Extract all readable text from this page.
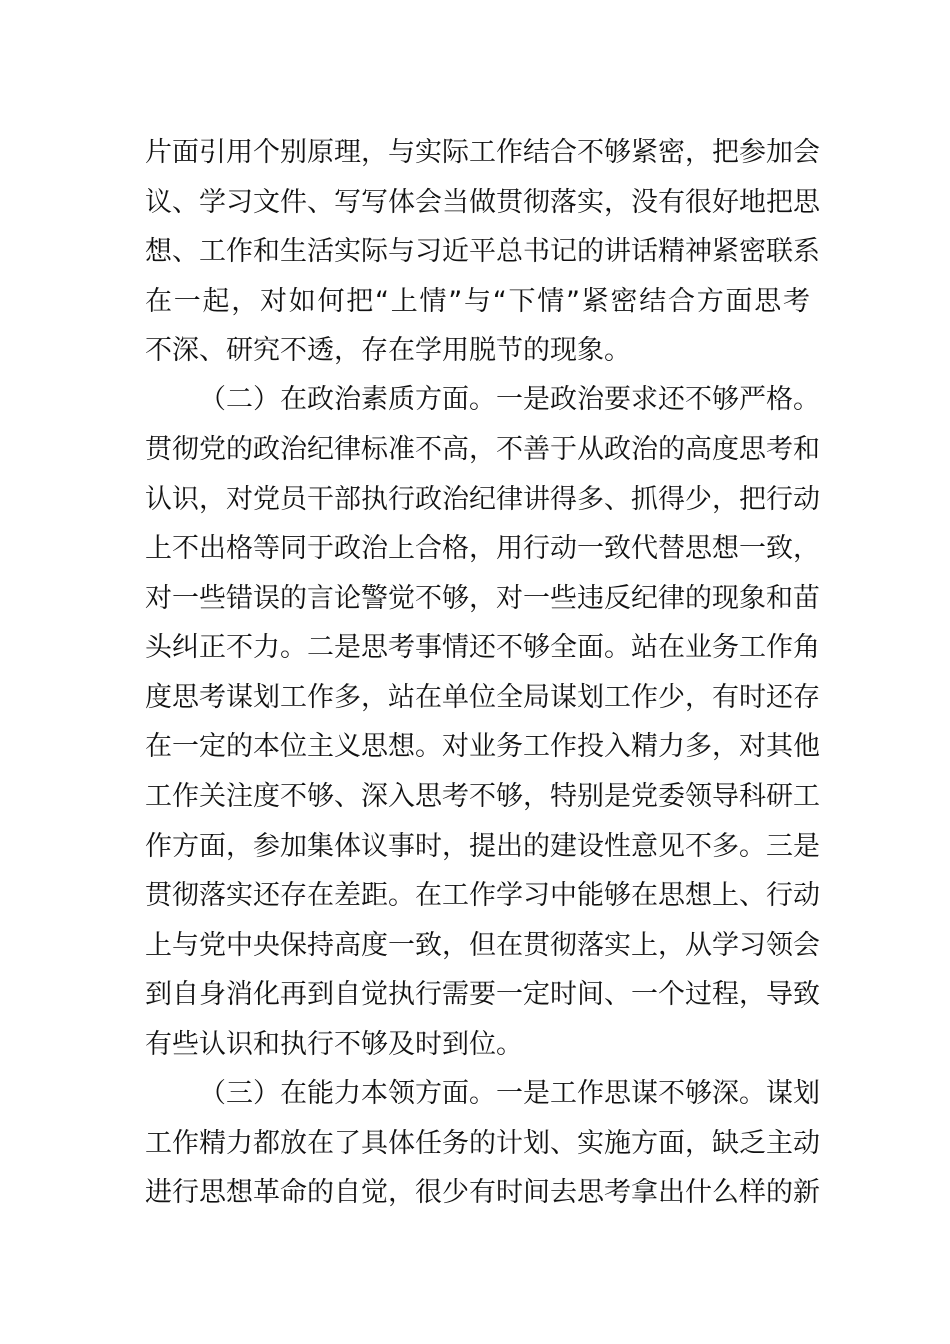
片面引用个别原理，与实际工作结合不够紧密，把参加会
议、学习文件、写写体会当做贯彻落实，没有很好地把思
想、工作和生活实际与习近平总书记的讲话精神紧密联系
在一起，对如何把“上情”与“下情”紧密结合方面思考
不深、研究不透，存在学用脱节的现象。
（二）在政治素质方面。一是政治要求还不够严格。
贯彻党的政治纪律标准不高，不善于从政治的高度思考和
认识，对党员干部执行政治纪律讲得多、抓得少，把行动
上不出格等同于政治上合格，用行动一致代替思想一致，
对一些错误的言论警觉不够，对一些违反纪律的现象和苗
头纠正不力。二是思考事情还不够全面。站在业务工作角
度思考谋划工作多，站在单位全局谋划工作少，有时还存
在一定的本位主义思想。对业务工作投入精力多，对其他
工作关注度不够、深入思考不够，特别是党委领导科研工
作方面，参加集体议事时，提出的建设性意见不多。三是
贯彻落实还存在差距。在工作学习中能够在思想上、行动
上与党中央保持高度一致，但在贯彻落实上，从学习领会
到自身消化再到自觉执行需要一定时间、一个过程，导致
有些认识和执行不够及时到位。
（三）在能力本领方面。一是工作思谋不够深。谋划
工作精力都放在了具体任务的计划、实施方面，缺乏主动
进行思想革命的自觉，很少有时间去思考拿出什么样的新
